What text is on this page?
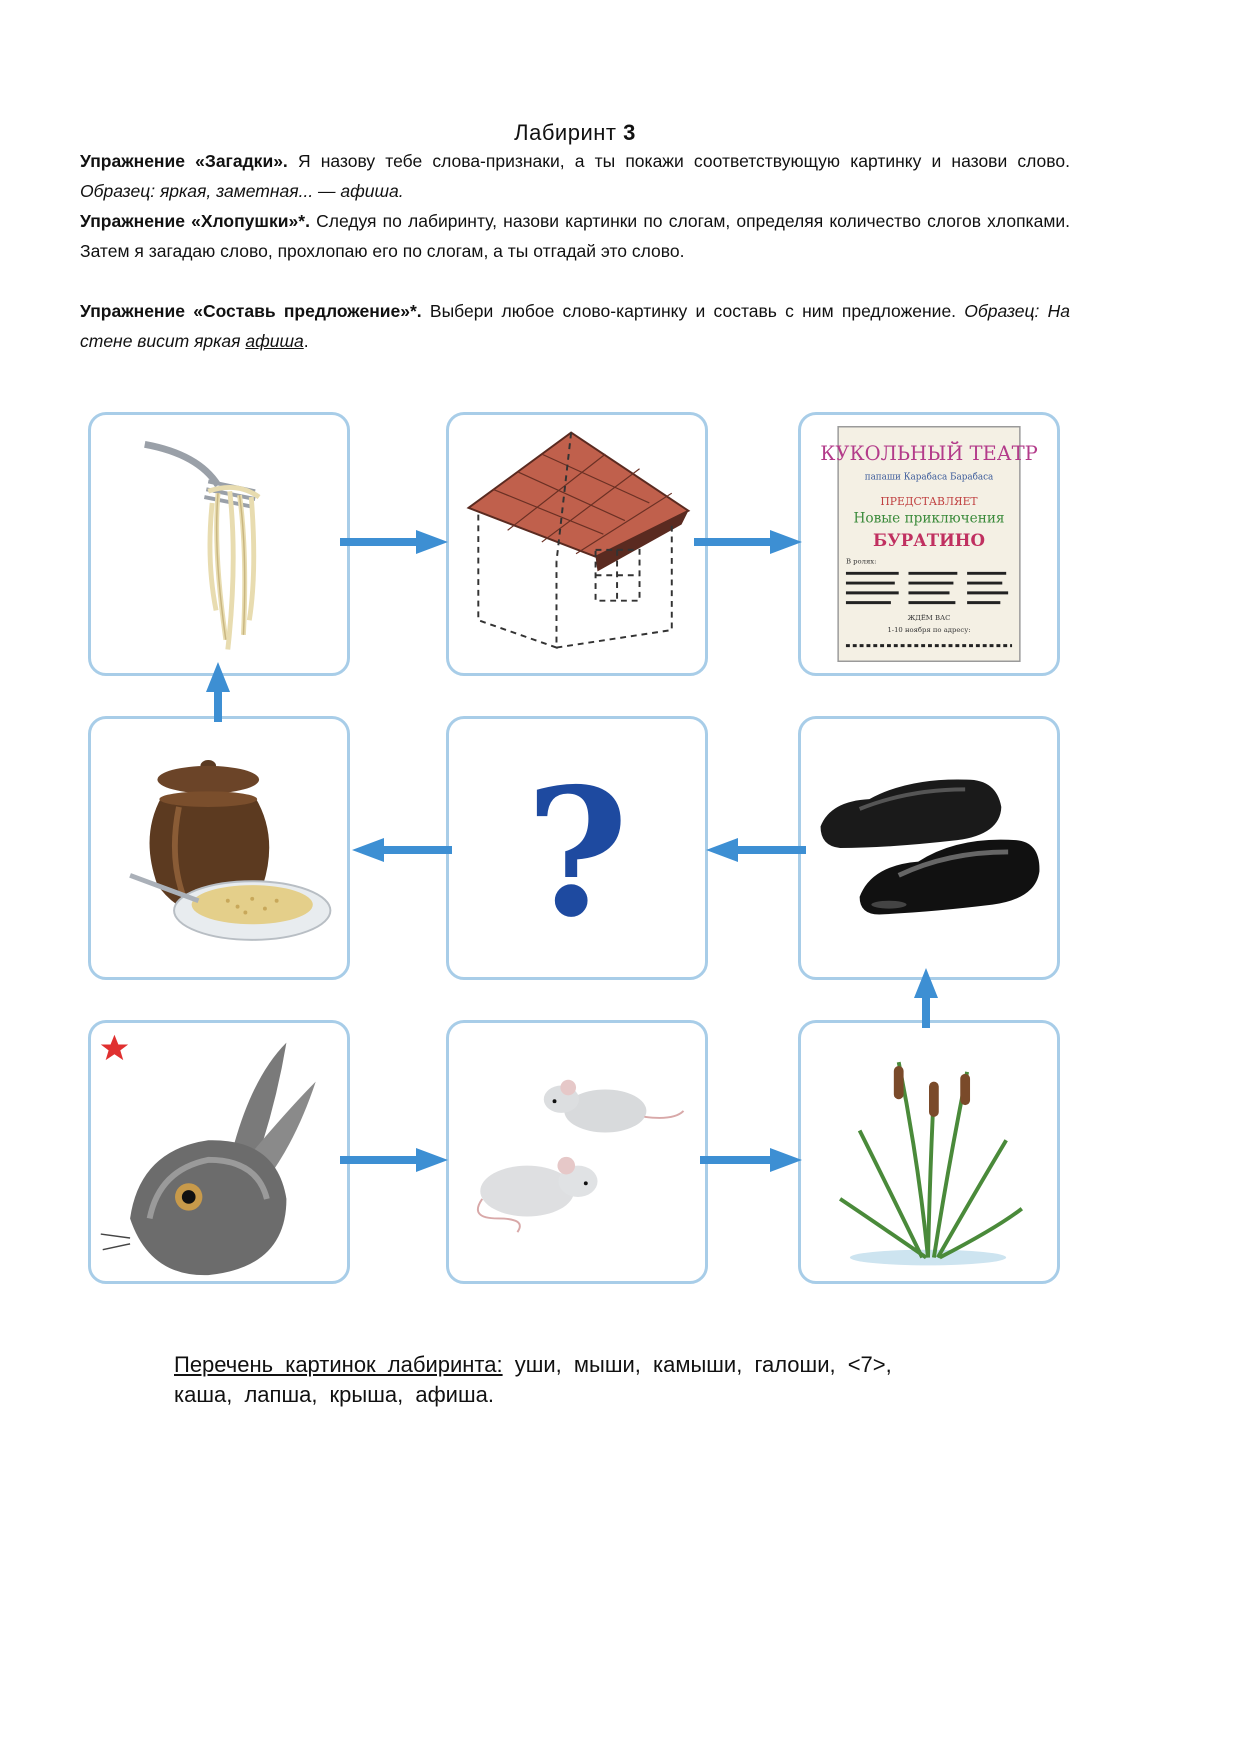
Лабиринт 3
Упражнение «Загадки». Я назову тебе слова-признаки, а ты покажи соответствующую картинку и назови слово. Образец: яркая, заметная... — афиша.
Упражнение «Хлопушки»*. Следуя по лабиринту, назови картинки по слогам, определяя количество слогов хлопками. Затем я загадаю слово, прохлопаю его по слогам, а ты отгадай это слово.
Упражнение «Составь предложение»*. Выбери любое слово-картинку и составь с ним предложение. Образец: На стене висит яркая афиша.
КУКОЛЬНЫЙ ТЕАТР
папаши Карабаса Барабаса
ПРЕДСТАВЛЯЕТ
Новые приключения
БУРАТИНО
В ролях:
ЖДЁМ ВАС
1-10 ноября по адресу:
?
Перечень картинок лабиринта: уши, мыши, камыши, галоши, <7>,
каша, лапша, крыша, афиша.
